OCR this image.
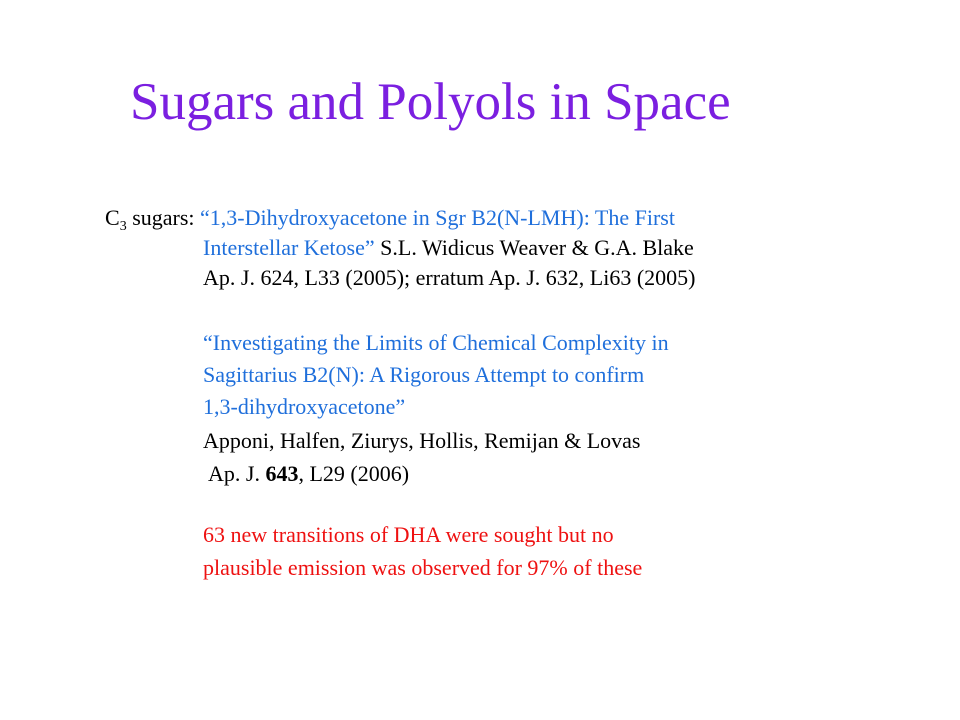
Sugars and Polyols in Space
$C_3$ sugars: “1,3-Dihydroxyacetone in Sgr B2(N-LMH): The First
Interstellar Ketose” S.L. Widicus Weaver & G.A. Blake
Ap. J. 624, L33 (2005); erratum Ap. J. 632, Li63 (2005)
“Investigating the Limits of Chemical Complexity in
Sagittarius B2(N): A Rigorous Attempt to confirm
1,3-dihydroxyacetone”
Apponi, Halfen, Ziurys, Hollis, Remijan & Lovas
Ap. J. 643, L29 (2006)
63 new transitions of DHA were sought but no
plausible emission was observed for 97% of these
